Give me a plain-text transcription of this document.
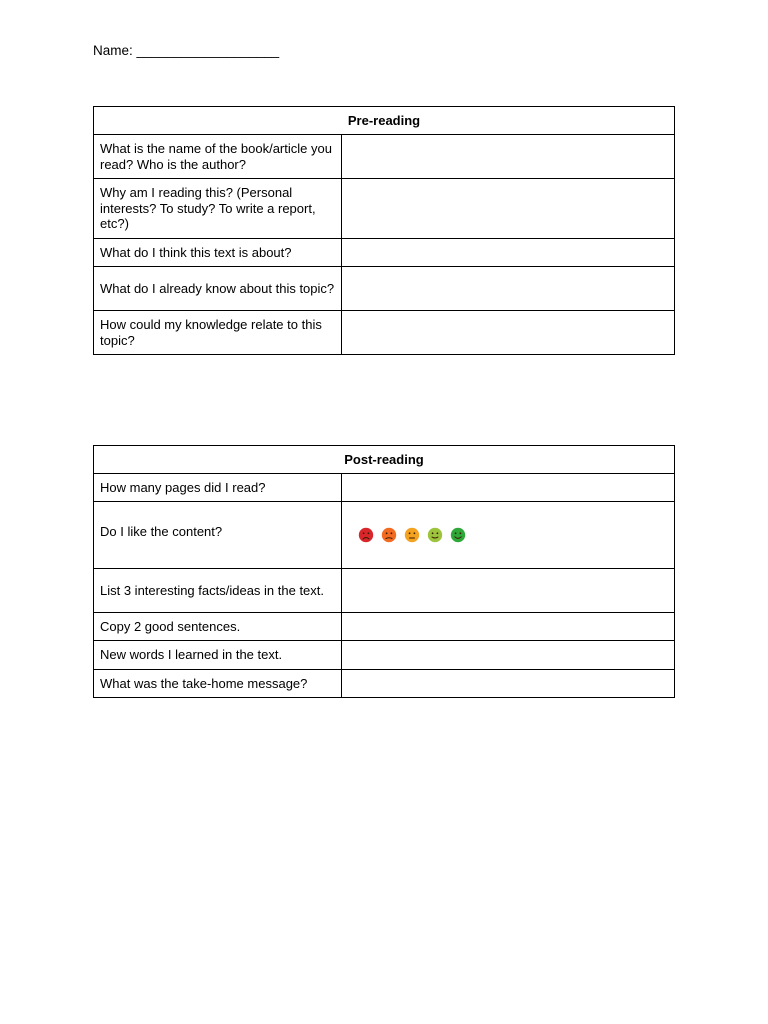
Name: ___________________
Pre-reading	
What is the name of the book/article you read? Who is the author?	
Why am I reading this? (Personal interests? To study? To write a report, etc?)	
What do I think this text is about?	
What do I already know about this topic?	
How could my knowledge relate to this topic?	
Post-reading	
How many pages did I read?	
Do I like the content?	

List 3 interesting facts/ideas in the text.	
Copy 2 good sentences.	
New words I learned in the text.	
What was the take-home message?	
